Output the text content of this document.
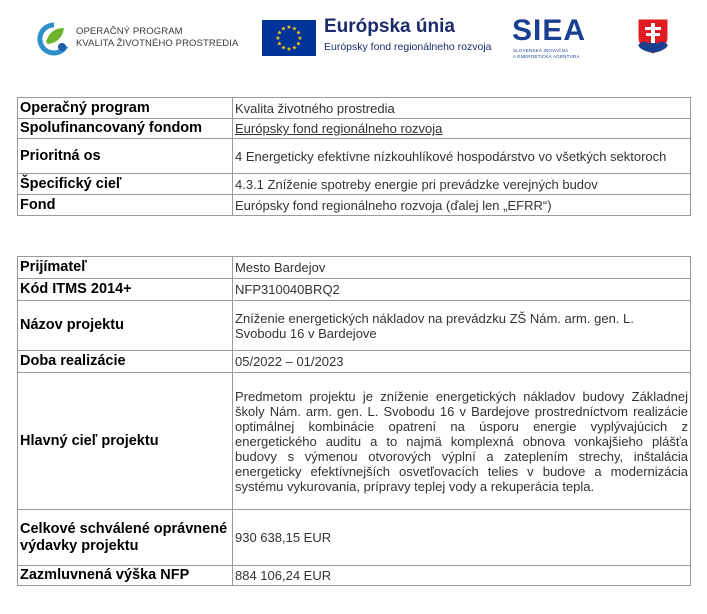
OPERAČNÝ PROGRAM
KVALITA ŽIVOTNÉHO PROSTREDIA
★ ★
★
★
★
★
★
★
★
★
★
★ Európska únia
Európsky fond regionálneho rozvoja SIEA
SLOVENSKÁ INOVAČNÁ
A ENERGETICKÁ AGENTÚRA
Operačný program	Kvalita životného prostredia
Spolufinancovaný fondom	Európsky fond regionálneho rozvoja
Prioritná os	4 Energeticky efektívne nízkouhlíkové hospodárstvo vo všetkých sektoroch
Špecifický cieľ	4.3.1 Zníženie spotreby energie pri prevádzke verejných budov
Fond	Európsky fond regionálneho rozvoja (ďalej len „EFRR“)
Prijímateľ	Mesto Bardejov
Kód ITMS 2014+	NFP310040BRQ2
Názov projektu	Zníženie energetických nákladov na prevádzku ZŠ Nám. arm. gen. L. Svobodu 16 v Bardejove
Doba realizácie	05/2022 – 01/2023
Hlavný cieľ projektu	Predmetom projektu je zníženie energetických nákladov budovy Základnej školy Nám. arm. gen. L. Svobodu 16 v Bardejove prostredníctvom realizácie optimálnej kombinácie opatrení na úsporu energie vyplývajúcich z energetického auditu a to najmä komplexná obnova vonkajšieho plášťa budovy s výmenou otvorových výplní a zateplením strechy, inštalácia energeticky efektívnejších osvetľovacích telies v budove a modernizácia systému vykurovania, prípravy teplej vody a rekuperácia tepla.
Celkové schválené oprávnené výdavky projektu	930 638,15 EUR
Zazmluvnená výška NFP	884 106,24 EUR
